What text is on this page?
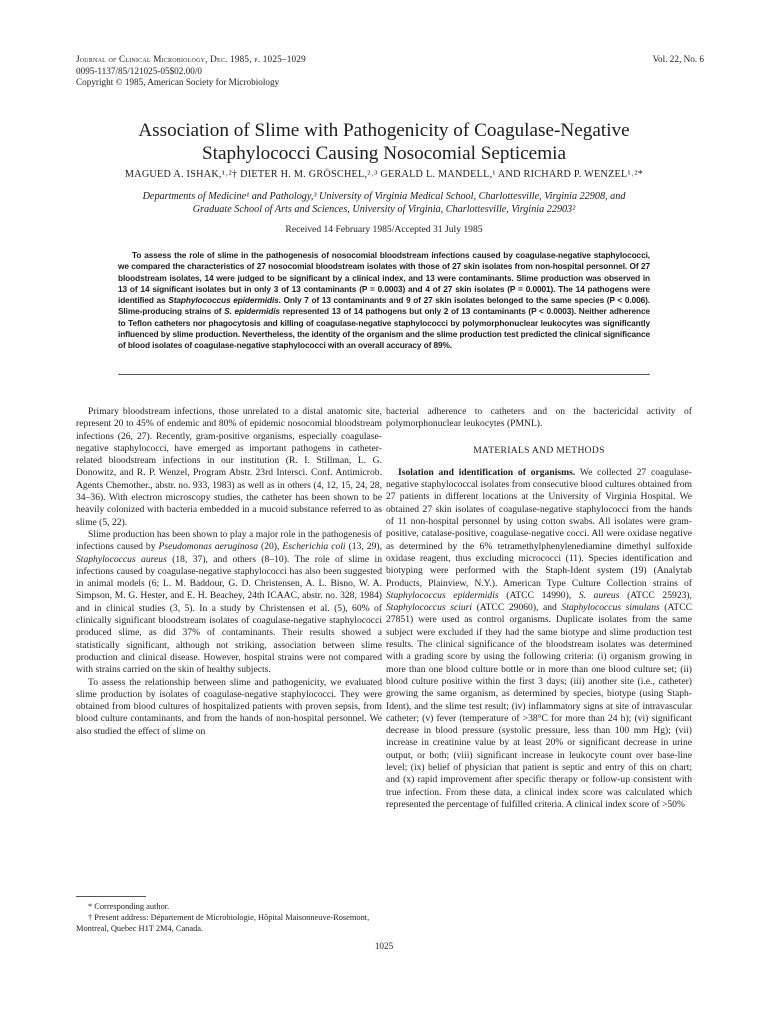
Journal of Clinical Microbiology, Dec. 1985, p. 1025–1029
0095-1137/85/121025-05$02.00/0
Copyright © 1985, American Society for Microbiology
Vol. 22, No. 6
Association of Slime with Pathogenicity of Coagulase-Negative
Staphylococci Causing Nosocomial Septicemia
MAGUED A. ISHAK,¹˒²† DIETER H. M. GRÖSCHEL,²˒³ GERALD L. MANDELL,¹ AND RICHARD P. WENZEL¹˒²*
Departments of Medicine¹ and Pathology,³ University of Virginia Medical School, Charlottesville, Virginia 22908, and
Graduate School of Arts and Sciences, University of Virginia, Charlottesville, Virginia 22903²
Received 14 February 1985/Accepted 31 July 1985

To assess the role of slime in the pathogenesis of nosocomial bloodstream infections caused by coagulase-negative staphylococci, we compared the characteristics of 27 nosocomial bloodstream isolates with those of 27 skin isolates from non-hospital personnel. Of 27 bloodstream isolates, 14 were judged to be significant by a clinical index, and 13 were contaminants. Slime production was observed in 13 of 14 significant isolates but in only 3 of 13 contaminants (P = 0.0003) and 4 of 27 skin isolates (P = 0.0001). The 14 pathogens were identified as Staphylococcus epidermidis. Only 7 of 13 contaminants and 9 of 27 skin isolates belonged to the same species (P < 0.006). Slime-producing strains of S. epidermidis represented 13 of 14 pathogens but only 2 of 13 contaminants (P < 0.0003). Neither adherence to Teflon catheters nor phagocytosis and killing of coagulase-negative staphylococci by polymorphonuclear leukocytes was significantly influenced by slime production. Nevertheless, the identity of the organism and the slime production test predicted the clinical significance of blood isolates of coagulase-negative staphylococci with an overall accuracy of 89%.

Primary bloodstream infections, those unrelated to a distal anatomic site, represent 20 to 45% of endemic and 80% of epidemic nosocomial bloodstream infections (26, 27). Recently, gram-positive organisms, especially coagulase-negative staphylococci, have emerged as important pathogens in catheter-related bloodstream infections in our institution (R. I. Stillman, L. G. Donowitz, and R. P. Wenzel, Program Abstr. 23rd Intersci. Conf. Antimicrob. Agents Chemother., abstr. no. 933, 1983) as well as in others (4, 12, 15, 24, 28, 34–36). With electron microscopy studies, the catheter has been shown to be heavily colonized with bacteria embedded in a mucoid substance referred to as slime (5, 22).

Slime production has been shown to play a major role in the pathogenesis of infections caused by Pseudomonas aeruginosa (20), Escherichia coli (13, 29), Staphylococcus aureus (18, 37), and others (8–10). The role of slime in infections caused by coagulase-negative staphylococci has also been suggested in animal models (6; L. M. Baddour, G. D. Christensen, A. L. Bisno, W. A. Simpson, M. G. Hester, and E. H. Beachey, 24th ICAAC, abstr. no. 328, 1984) and in clinical studies (3, 5). In a study by Christensen et al. (5), 60% of clinically significant bloodstream isolates of coagulase-negative staphylococci produced slime, as did 37% of contaminants. Their results showed a statistically significant, although not striking, association between slime production and clinical disease. However, hospital strains were not compared with strains carried on the skin of healthy subjects.

To assess the relationship between slime and pathogenicity, we evaluated slime production by isolates of coagulase-negative staphylococci. They were obtained from blood cultures of hospitalized patients with proven sepsis, from blood culture contaminants, and from the hands of non-hospital personnel. We also studied the effect of slime on

* Corresponding author.

† Present address: Département de Microbiologie, Hôpital Maisonneuve-Rosemont, Montreal, Quebec H1T 2M4, Canada.

bacterial adherence to catheters and on the bactericidal activity of polymorphonuclear leukocytes (PMNL).

MATERIALS AND METHODS

Isolation and identification of organisms. We collected 27 coagulase-negative staphylococcal isolates from consecutive blood cultures obtained from 27 patients in different locations at the University of Virginia Hospital. We obtained 27 skin isolates of coagulase-negative staphylococci from the hands of 11 non-hospital personnel by using cotton swabs. All isolates were gram-positive, catalase-positive, coagulase-negative cocci. All were oxidase negative as determined by the 6% tetramethylphenylenediamine dimethyl sulfoxide oxidase reagent, thus excluding micrococci (11). Species identification and biotyping were performed with the Staph-Ident system (19) (Analytab Products, Plainview, N.Y.). American Type Culture Collection strains of Staphylococcus epidermidis (ATCC 14990), S. aureus (ATCC 25923), Staphylococcus sciuri (ATCC 29060), and Staphylococcus simulans (ATCC 27851) were used as control organisms. Duplicate isolates from the same subject were excluded if they had the same biotype and slime production test results. The clinical significance of the bloodstream isolates was determined with a grading score by using the following criteria: (i) organism growing in more than one blood culture bottle or in more than one blood culture set; (ii) blood culture positive within the first 3 days; (iii) another site (i.e., catheter) growing the same organism, as determined by species, biotype (using Staph-Ident), and the slime test result; (iv) inflammatory signs at site of intravascular catheter; (v) fever (temperature of >38°C for more than 24 h); (vi) significant decrease in blood pressure (systolic pressure, less than 100 mm Hg); (vii) increase in creatinine value by at least 20% or significant decrease in urine output, or both; (viii) significant increase in leukocyte count over base-line level; (ix) belief of physician that patient is septic and entry of this on chart; and (x) rapid improvement after specific therapy or follow-up consistent with true infection. From these data, a clinical index score was calculated which represented the percentage of fulfilled criteria. A clinical index score of >50%

1025
